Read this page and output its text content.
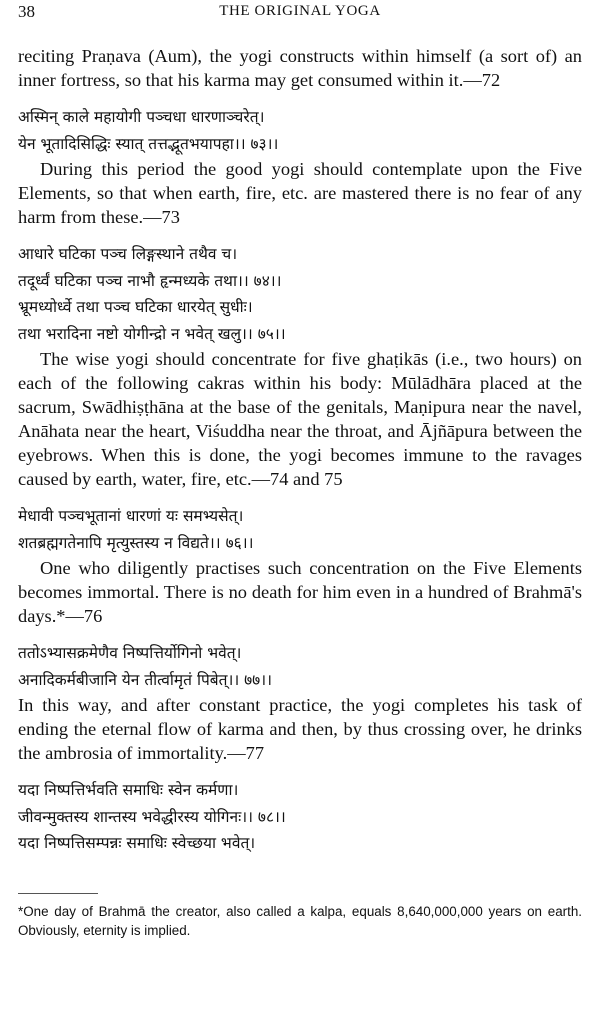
38	THE ORIGINAL YOGA

reciting Praṇava (Aum), the yogi constructs within himself (a sort of) an inner fortress, so that his karma may get consumed within it.—72

अस्मिन् काले महायोगी पञ्चधा धारणाञ्चरेत्।
येन भूतादिसिद्धिः स्यात् तत्तद्भूतभयापहा।। ७३।।

During this period the good yogi should contemplate upon the Five Elements, so that when earth, fire, etc. are mastered there is no fear of any harm from these.—73

आधारे घटिका पञ्च लिङ्गस्थाने तथैव च।
तदूर्ध्वं घटिका पञ्च नाभौ हृन्मध्यके तथा।। ७४।।
भ्रूमध्योर्ध्वे तथा पञ्च घटिका धारयेत् सुधीः।
तथा भरादिना नष्टो योगीन्द्रो न भवेत् खलु।। ७५।।

The wise yogi should concentrate for five ghaṭikās (i.e., two hours) on each of the following cakras within his body: Mūlādhāra placed at the sacrum, Swādhiṣṭhāna at the base of the genitals, Maṇipura near the navel, Anāhata near the heart, Viśuddha near the throat, and Ājñāpura between the eyebrows. When this is done, the yogi becomes immune to the ravages caused by earth, water, fire, etc.—74 and 75

मेधावी पञ्चभूतानां धारणां यः समभ्यसेत्।
शतब्रह्मगतेनापि मृत्युस्तस्य न विद्यते।। ७६।।

One who diligently practises such concentration on the Five Elements becomes immortal. There is no death for him even in a hundred of Brahmā's days.*—76

ततोऽभ्यासक्रमेणैव निष्पत्तिर्योगिनो भवेत्।
अनादिकर्मबीजानि येन तीर्त्वामृतं पिबेत्।। ७७।।

In this way, and after constant practice, the yogi completes his task of ending the eternal flow of karma and then, by thus crossing over, he drinks the ambrosia of immortality.—77

यदा निष्पत्तिर्भवति समाधिः स्वेन कर्मणा।
जीवन्मुक्तस्य शान्तस्य भवेद्धीरस्य योगिनः।। ७८।।
यदा निष्पत्तिसम्पन्नः समाधिः स्वेच्छया भवेत्।

*One day of Brahmā the creator, also called a kalpa, equals 8,640,000,000 years on earth. Obviously, eternity is implied.
